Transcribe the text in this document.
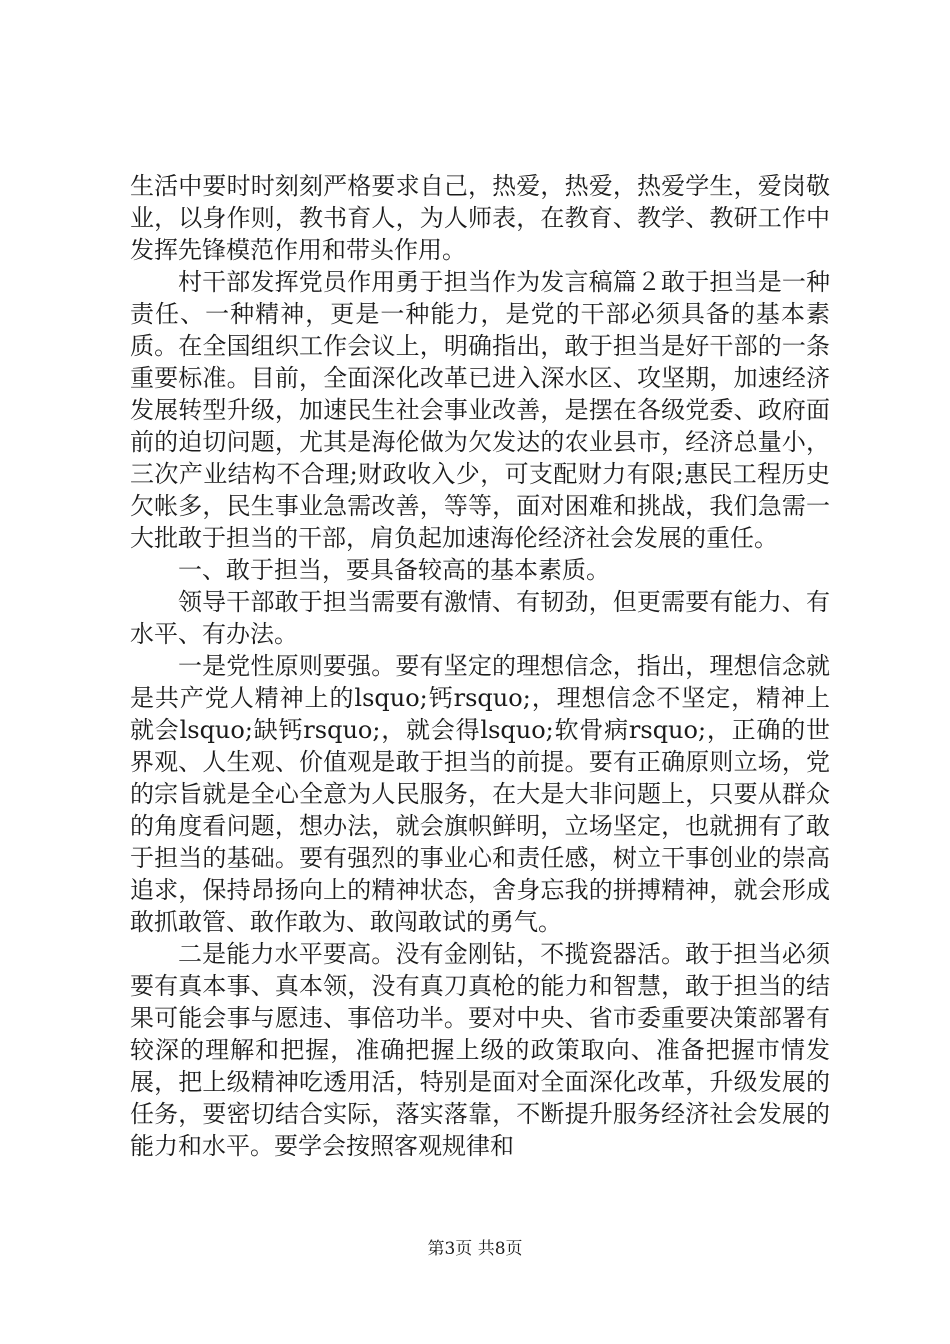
生活中要时时刻刻严格要求自己，热爱，热爱，热爱学生，爱岗敬业，以身作则，教书育人，为人师表，在教育、教学、教研工作中发挥先锋模范作用和带头作用。

村干部发挥党员作用勇于担当作为发言稿篇２敢于担当是一种责任、一种精神，更是一种能力，是党的干部必须具备的基本素质。在全国组织工作会议上，明确指出，敢于担当是好干部的一条重要标准。目前，全面深化改革已进入深水区、攻坚期，加速经济发展转型升级，加速民生社会事业改善，是摆在各级党委、政府面前的迫切问题，尤其是海伦做为欠发达的农业县市，经济总量小，三次产业结构不合理;财政收入少，可支配财力有限;惠民工程历史欠帐多，民生事业急需改善，等等，面对困难和挑战，我们急需一大批敢于担当的干部，肩负起加速海伦经济社会发展的重任。

一、敢于担当，要具备较高的基本素质。

领导干部敢于担当需要有激情、有韧劲，但更需要有能力、有水平、有办法。

一是党性原则要强。要有坚定的理想信念，指出，理想信念就是共产党人精神上的lsquo;钙rsquo;，理想信念不坚定，精神上就会lsquo;缺钙rsquo;，就会得lsquo;软骨病rsquo;，正确的世界观、人生观、价值观是敢于担当的前提。要有正确原则立场，党的宗旨就是全心全意为人民服务，在大是大非问题上，只要从群众的角度看问题，想办法，就会旗帜鲜明，立场坚定，也就拥有了敢于担当的基础。要有强烈的事业心和责任感，树立干事创业的崇高追求，保持昂扬向上的精神状态，舍身忘我的拼搏精神，就会形成敢抓敢管、敢作敢为、敢闯敢试的勇气。

二是能力水平要高。没有金刚钻，不揽瓷器活。敢于担当必须要有真本事、真本领，没有真刀真枪的能力和智慧，敢于担当的结果可能会事与愿违、事倍功半。要对中央、省市委重要决策部署有较深的理解和把握，准确把握上级的政策取向、准备把握市情发展，把上级精神吃透用活，特别是面对全面深化改革，升级发展的任务，要密切结合实际，落实落靠，不断提升服务经济社会发展的能力和水平。要学会按照客观规律和

第3页 共8页
